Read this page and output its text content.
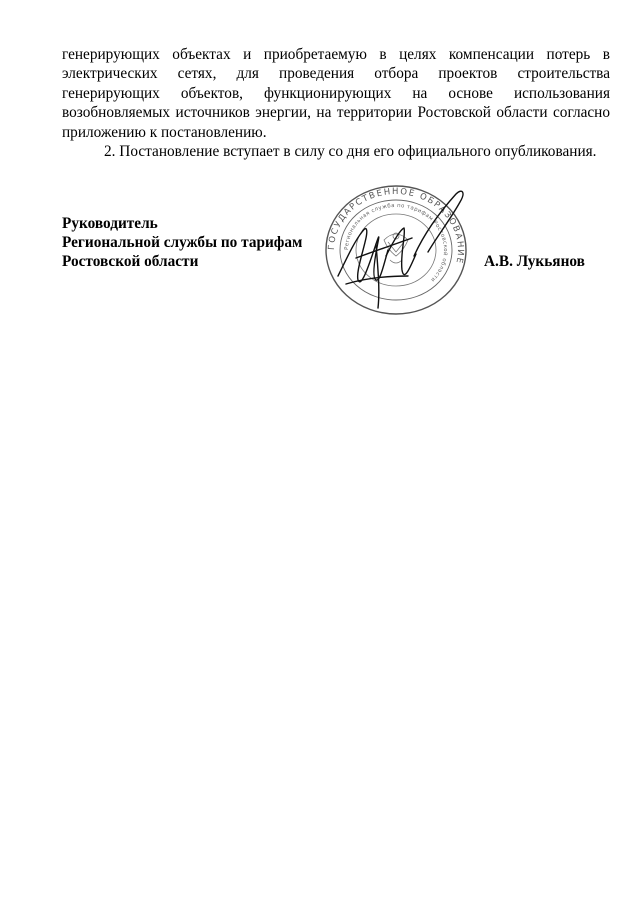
генерирующих объектах и приобретаемую в целях компенсации потерь в электрических сетях, для проведения отбора проектов строительства генерирующих объектов, функционирующих на основе использования возобновляемых источников энергии, на территории Ростовской области согласно приложению к постановлению.

2. Постановление вступает в силу со дня его официального опубликования.

Руководитель
Региональной службы по тарифам
Ростовской области
ГОСУДАРСТВЕННОЕ ОБРАЗОВАНИЕ
Региональная служба по тарифам Ростовской области
А.В. Лукьянов
